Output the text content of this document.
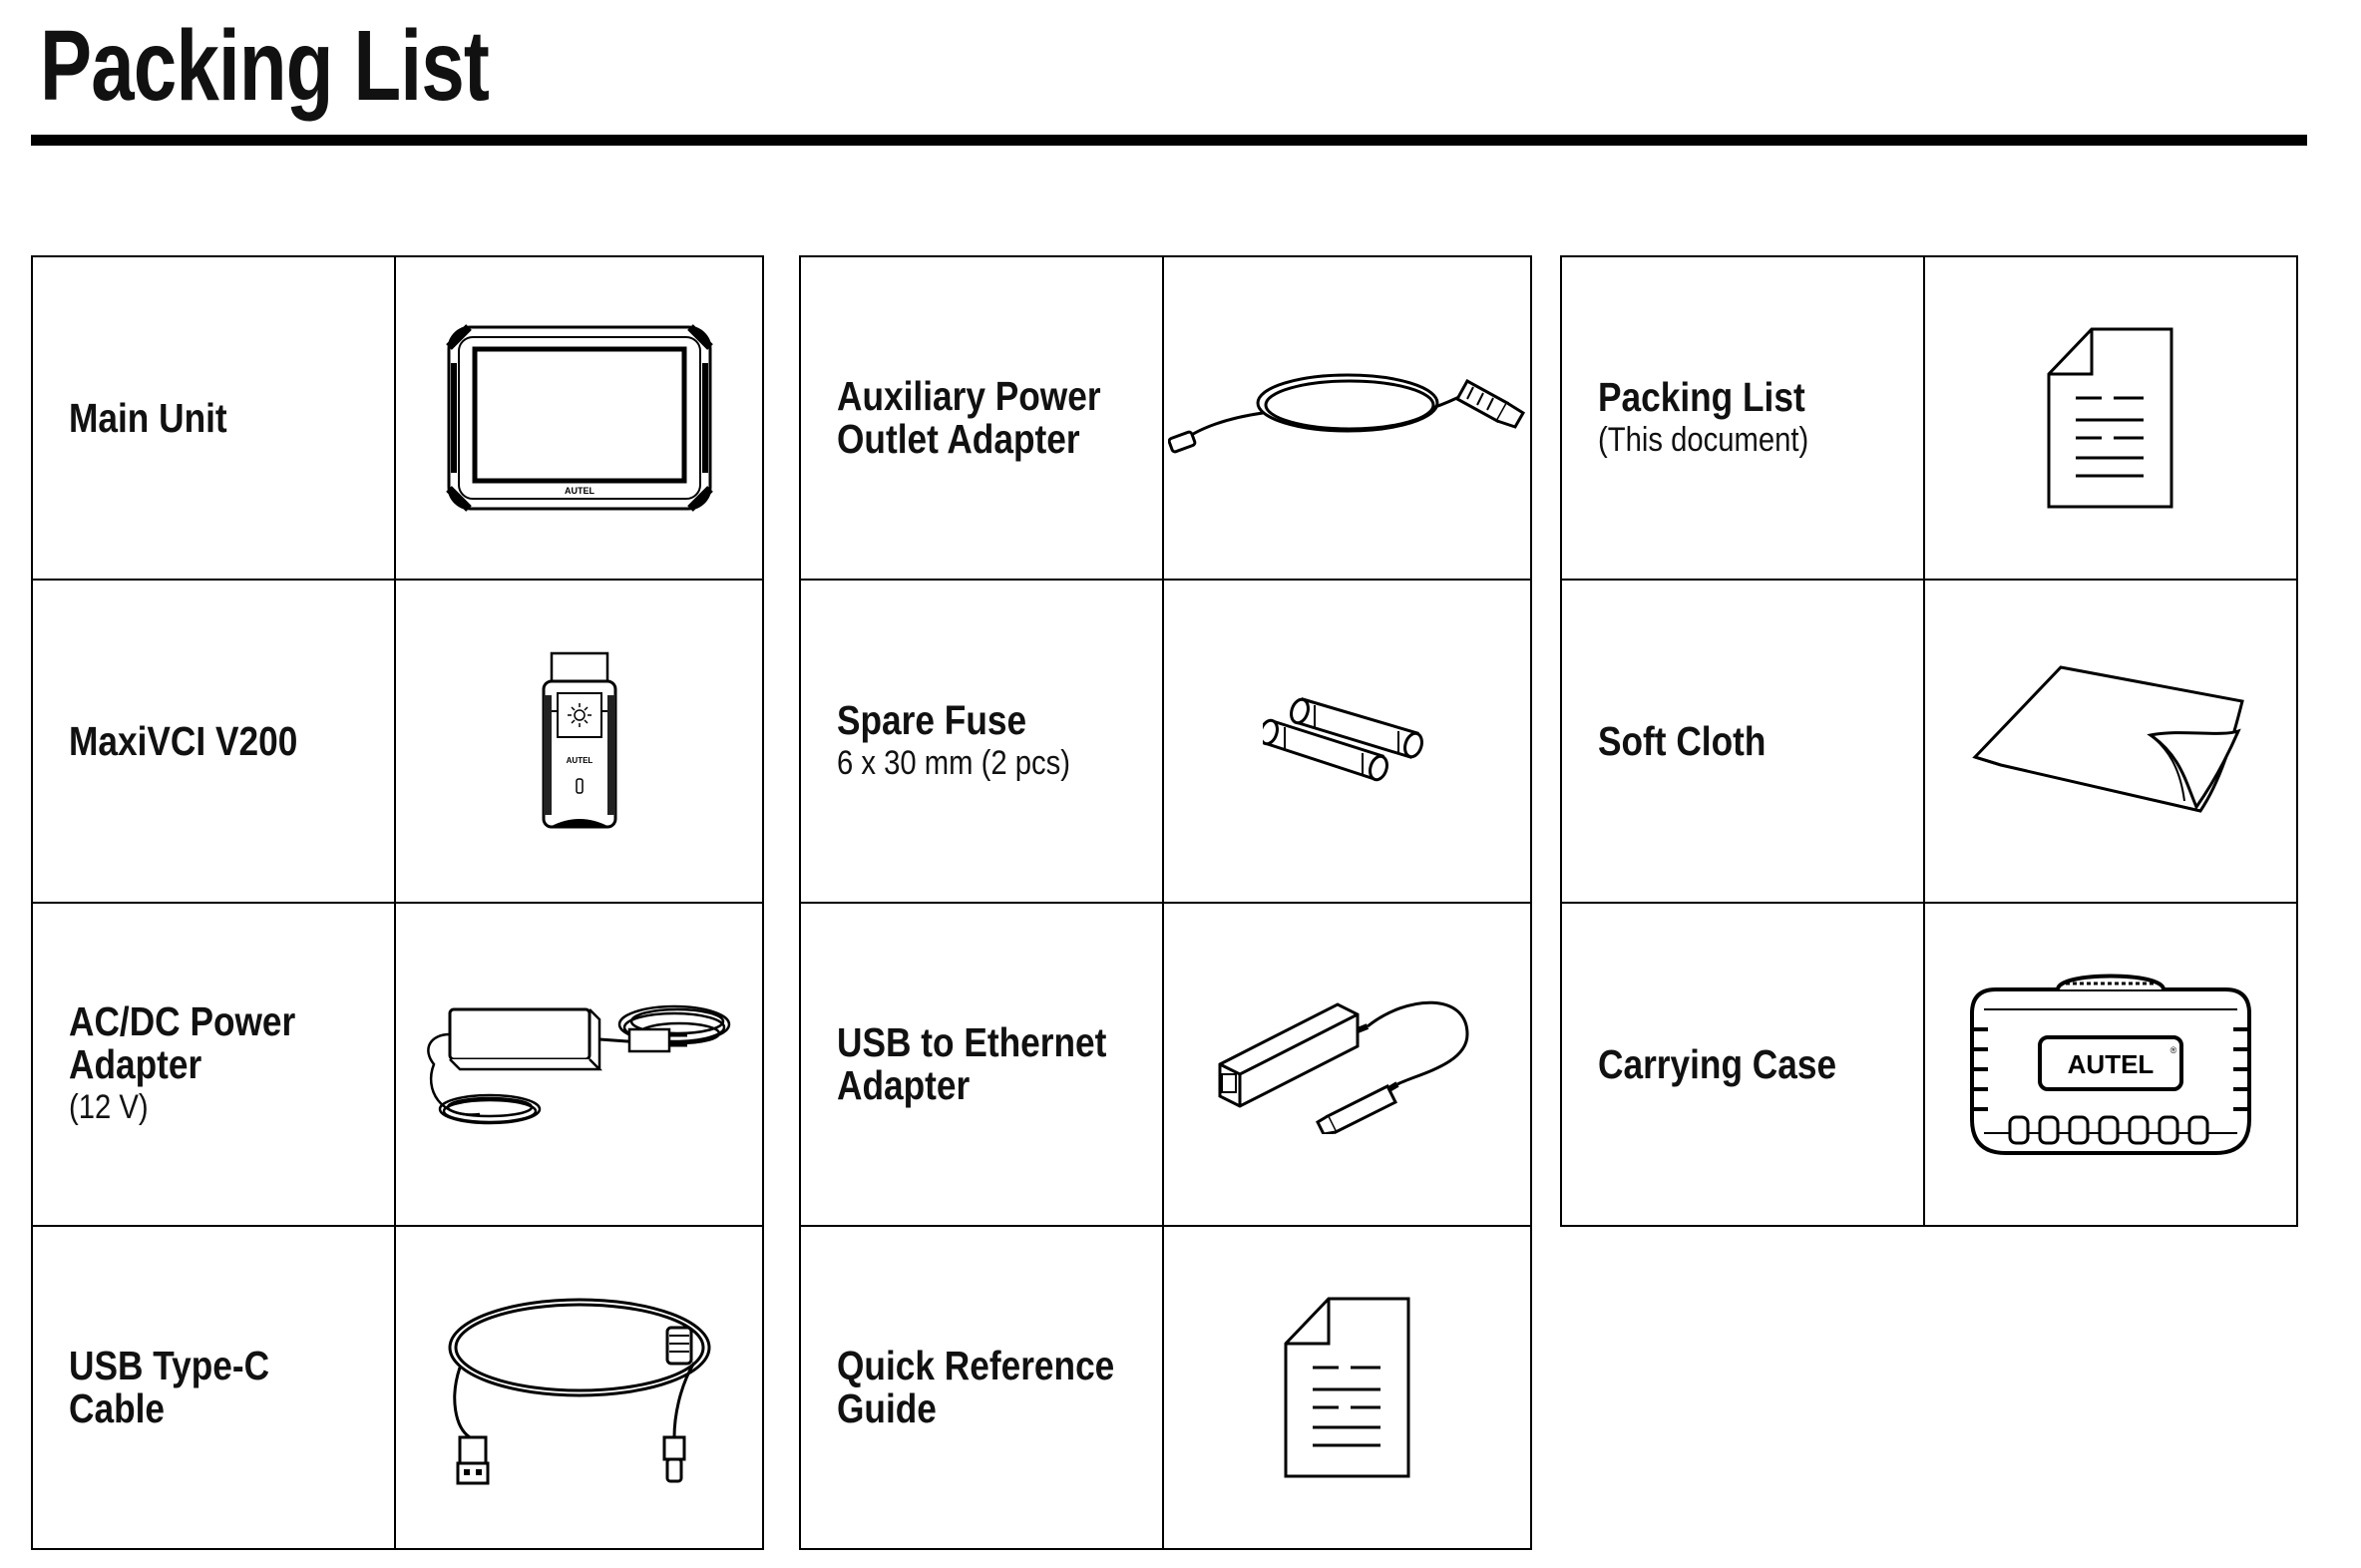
Packing List
Main Unit	AUTEL

MaxiVCI V200	AUTEL

AC/DC Power Adapter
(12 V)

USB Type-C Cable	
Auxiliary Power Outlet Adapter	
Spare Fuse
6 x 30 mm (2 pcs)

USB to Ethernet Adapter	
Quick Reference Guide	
Packing List
(This document)

Soft Cloth	
Carrying Case	AUTEL ®
